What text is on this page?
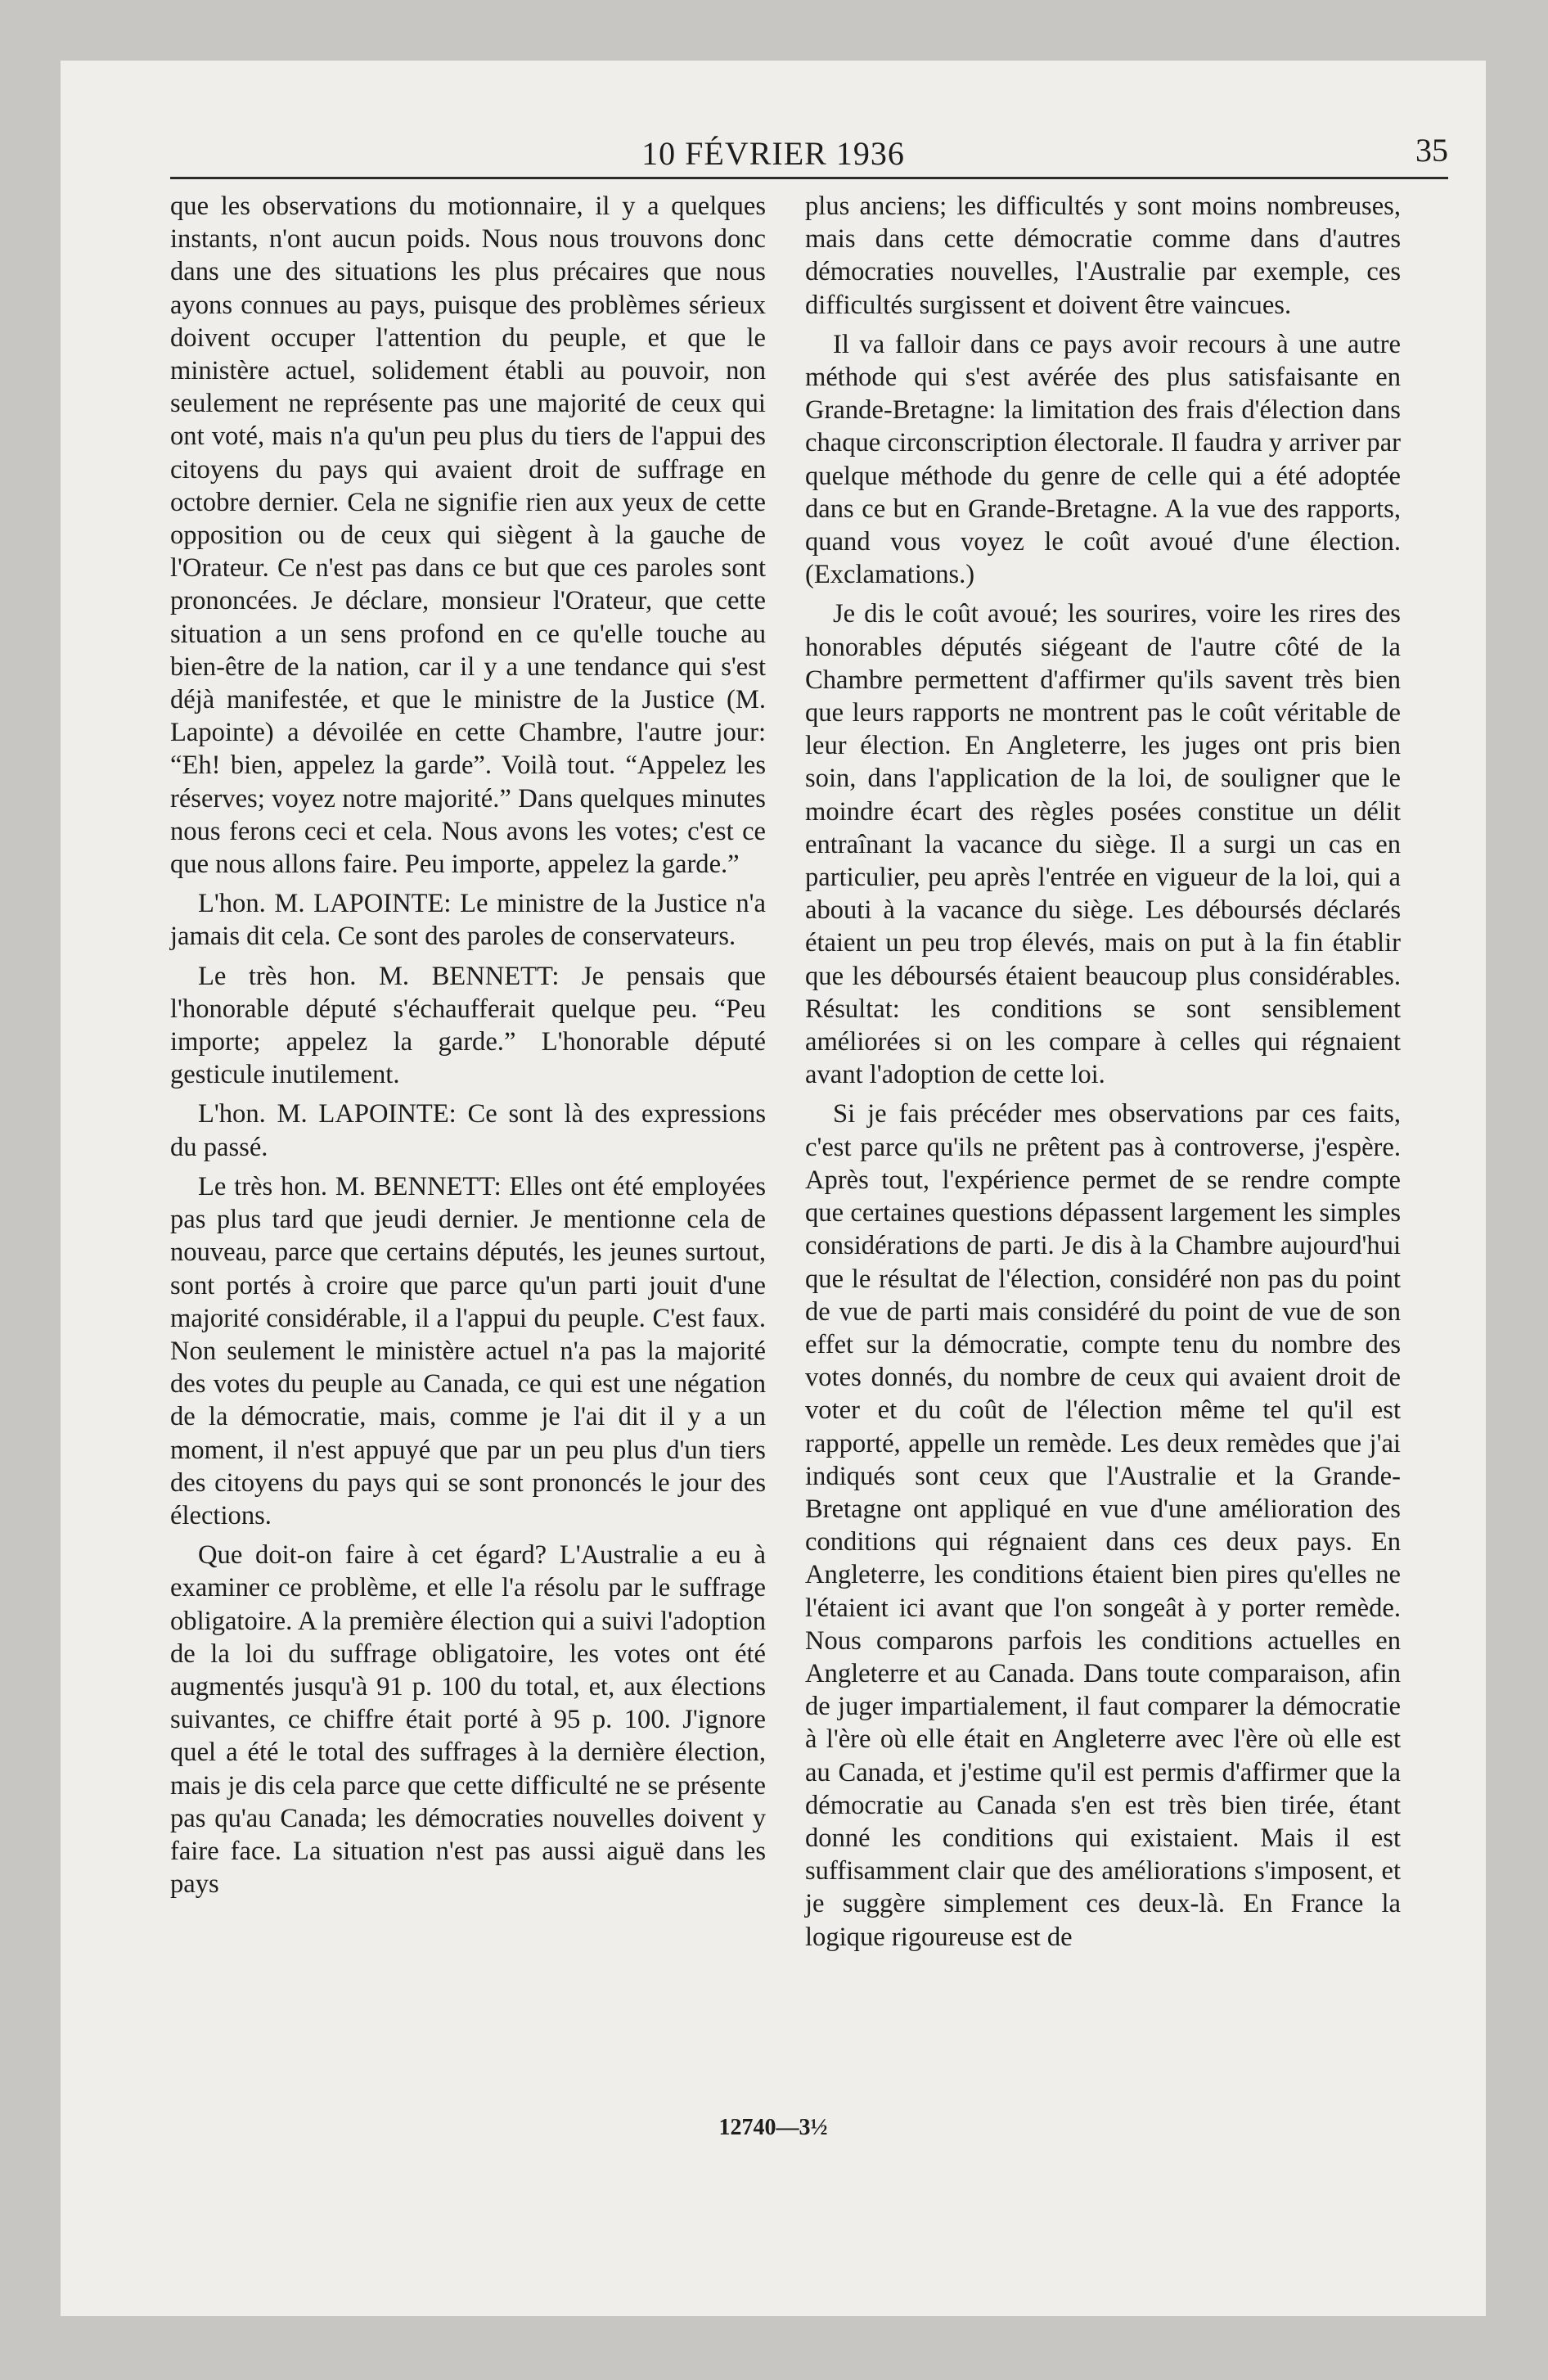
10 FÉVRIER 1936	35

que les observations du motionnaire, il y a quelques instants, n'ont aucun poids. Nous nous trouvons donc dans une des situations les plus précaires que nous ayons connues au pays, puisque des problèmes sérieux doivent occuper l'attention du peuple, et que le ministère actuel, solidement établi au pouvoir, non seulement ne représente pas une majorité de ceux qui ont voté, mais n'a qu'un peu plus du tiers de l'appui des citoyens du pays qui avaient droit de suffrage en octobre dernier. Cela ne signifie rien aux yeux de cette opposition ou de ceux qui siègent à la gauche de l'Orateur. Ce n'est pas dans ce but que ces paroles sont prononcées. Je déclare, monsieur l'Orateur, que cette situation a un sens profond en ce qu'elle touche au bien-être de la nation, car il y a une tendance qui s'est déjà manifestée, et que le ministre de la Justice (M. Lapointe) a dévoilée en cette Chambre, l'autre jour: “Eh! bien, appelez la garde”. Voilà tout. “Appelez les réserves; voyez notre majorité.” Dans quelques minutes nous ferons ceci et cela. Nous avons les votes; c'est ce que nous allons faire. Peu importe, appelez la garde.”

L'hon. M. LAPOINTE: Le ministre de la Justice n'a jamais dit cela. Ce sont des paroles de conservateurs.

Le très hon. M. BENNETT: Je pensais que l'honorable député s'échaufferait quelque peu. “Peu importe; appelez la garde.” L'honorable député gesticule inutilement.

L'hon. M. LAPOINTE: Ce sont là des expressions du passé.

Le très hon. M. BENNETT: Elles ont été employées pas plus tard que jeudi dernier. Je mentionne cela de nouveau, parce que certains députés, les jeunes surtout, sont portés à croire que parce qu'un parti jouit d'une majorité considérable, il a l'appui du peuple. C'est faux. Non seulement le ministère actuel n'a pas la majorité des votes du peuple au Canada, ce qui est une négation de la démocratie, mais, comme je l'ai dit il y a un moment, il n'est appuyé que par un peu plus d'un tiers des citoyens du pays qui se sont prononcés le jour des élections.

Que doit-on faire à cet égard? L'Australie a eu à examiner ce problème, et elle l'a résolu par le suffrage obligatoire. A la première élection qui a suivi l'adoption de la loi du suffrage obligatoire, les votes ont été augmentés jusqu'à 91 p. 100 du total, et, aux élections suivantes, ce chiffre était porté à 95 p. 100. J'ignore quel a été le total des suffrages à la dernière élection, mais je dis cela parce que cette difficulté ne se présente pas qu'au Canada; les démocraties nouvelles doivent y faire face. La situation n'est pas aussi aiguë dans les pays

plus anciens; les difficultés y sont moins nombreuses, mais dans cette démocratie comme dans d'autres démocraties nouvelles, l'Australie par exemple, ces difficultés surgissent et doivent être vaincues.

Il va falloir dans ce pays avoir recours à une autre méthode qui s'est avérée des plus satisfaisante en Grande-Bretagne: la limitation des frais d'élection dans chaque circonscription électorale. Il faudra y arriver par quelque méthode du genre de celle qui a été adoptée dans ce but en Grande-Bretagne. A la vue des rapports, quand vous voyez le coût avoué d'une élection. (Exclamations.)

Je dis le coût avoué; les sourires, voire les rires des honorables députés siégeant de l'autre côté de la Chambre permettent d'affirmer qu'ils savent très bien que leurs rapports ne montrent pas le coût véritable de leur élection. En Angleterre, les juges ont pris bien soin, dans l'application de la loi, de souligner que le moindre écart des règles posées constitue un délit entraînant la vacance du siège. Il a surgi un cas en particulier, peu après l'entrée en vigueur de la loi, qui a abouti à la vacance du siège. Les déboursés déclarés étaient un peu trop élevés, mais on put à la fin établir que les déboursés étaient beaucoup plus considérables. Résultat: les conditions se sont sensiblement améliorées si on les compare à celles qui régnaient avant l'adoption de cette loi.

Si je fais précéder mes observations par ces faits, c'est parce qu'ils ne prêtent pas à controverse, j'espère. Après tout, l'expérience permet de se rendre compte que certaines questions dépassent largement les simples considérations de parti. Je dis à la Chambre aujourd'hui que le résultat de l'élection, considéré non pas du point de vue de parti mais considéré du point de vue de son effet sur la démocratie, compte tenu du nombre des votes donnés, du nombre de ceux qui avaient droit de voter et du coût de l'élection même tel qu'il est rapporté, appelle un remède. Les deux remèdes que j'ai indiqués sont ceux que l'Australie et la Grande-Bretagne ont appliqué en vue d'une amélioration des conditions qui régnaient dans ces deux pays. En Angleterre, les conditions étaient bien pires qu'elles ne l'étaient ici avant que l'on songeât à y porter remède. Nous comparons parfois les conditions actuelles en Angleterre et au Canada. Dans toute comparaison, afin de juger impartialement, il faut comparer la démocratie à l'ère où elle était en Angleterre avec l'ère où elle est au Canada, et j'estime qu'il est permis d'affirmer que la démocratie au Canada s'en est très bien tirée, étant donné les conditions qui existaient. Mais il est suffisamment clair que des améliorations s'imposent, et je suggère simplement ces deux-là. En France la logique rigoureuse est de

12740—3½
